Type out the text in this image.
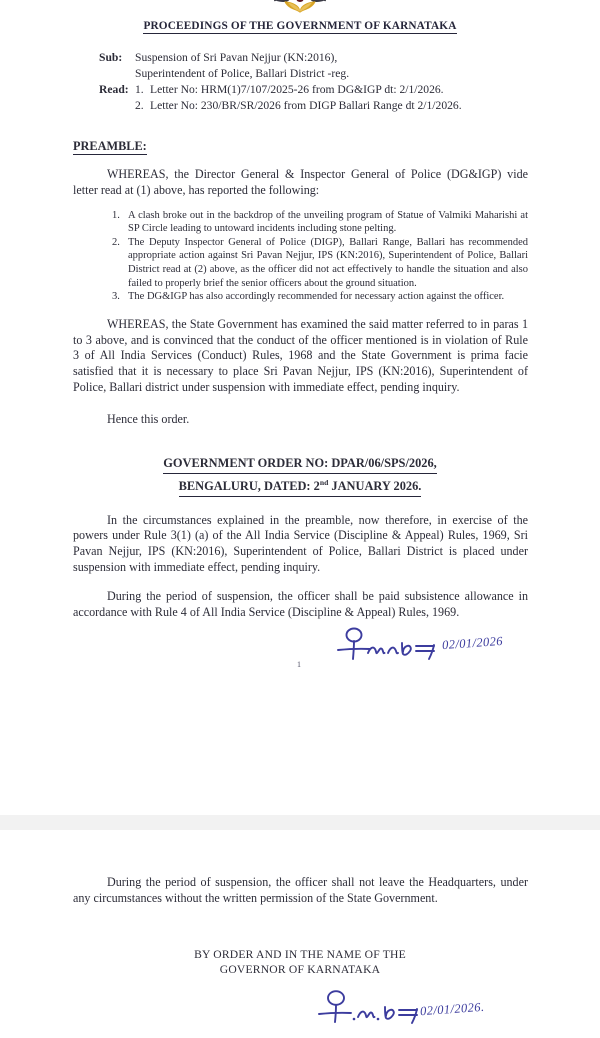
PROCEEDINGS OF THE GOVERNMENT OF KARNATAKA
Sub:	Suspension of Sri Pavan Nejjur (KN:2016),
Superintendent of Police, Ballari District -reg.
Read: 1. Letter No: HRM(1)7/107/2025-26 from DG&IGP dt: 2/1/2026.
2. Letter No: 230/BR/SR/2026 from DIGP Ballari Range dt 2/1/2026.
PREAMBLE:
WHEREAS, the Director General & Inspector General of Police (DG&IGP) vide letter read at (1) above, has reported the following:
1. A clash broke out in the backdrop of the unveiling program of Statue of Valmiki Maharishi at SP Circle leading to untoward incidents including stone pelting.
2. The Deputy Inspector General of Police (DIGP), Ballari Range, Ballari has recommended appropriate action against Sri Pavan Nejjur, IPS (KN:2016), Superintendent of Police, Ballari District read at (2) above, as the officer did not act effectively to handle the situation and also failed to properly brief the senior officers about the ground situation.
3. The DG&IGP has also accordingly recommended for necessary action against the officer.
WHEREAS, the State Government has examined the said matter referred to in paras 1 to 3 above, and is convinced that the conduct of the officer mentioned is in violation of Rule 3 of All India Services (Conduct) Rules, 1968 and the State Government is prima facie satisfied that it is necessary to place Sri Pavan Nejjur, IPS (KN:2016), Superintendent of Police, Ballari district under suspension with immediate effect, pending inquiry.
Hence this order.
GOVERNMENT ORDER NO: DPAR/06/SPS/2026,
BENGALURU, DATED: 2nd JANUARY 2026.
In the circumstances explained in the preamble, now therefore, in exercise of the powers under Rule 3(1) (a) of the All India Service (Discipline & Appeal) Rules, 1969, Sri Pavan Nejjur, IPS (KN:2016), Superintendent of Police, Ballari District is placed under suspension with immediate effect, pending inquiry.
During the period of suspension, the officer shall be paid subsistence allowance in accordance with Rule 4 of All India Service (Discipline & Appeal) Rules, 1969.
1
02/01/2026
During the period of suspension, the officer shall not leave the Headquarters, under any circumstances without the written permission of the State Government.
BY ORDER AND IN THE NAME OF THE
GOVERNOR OF KARNATAKA
02/01/2026.
